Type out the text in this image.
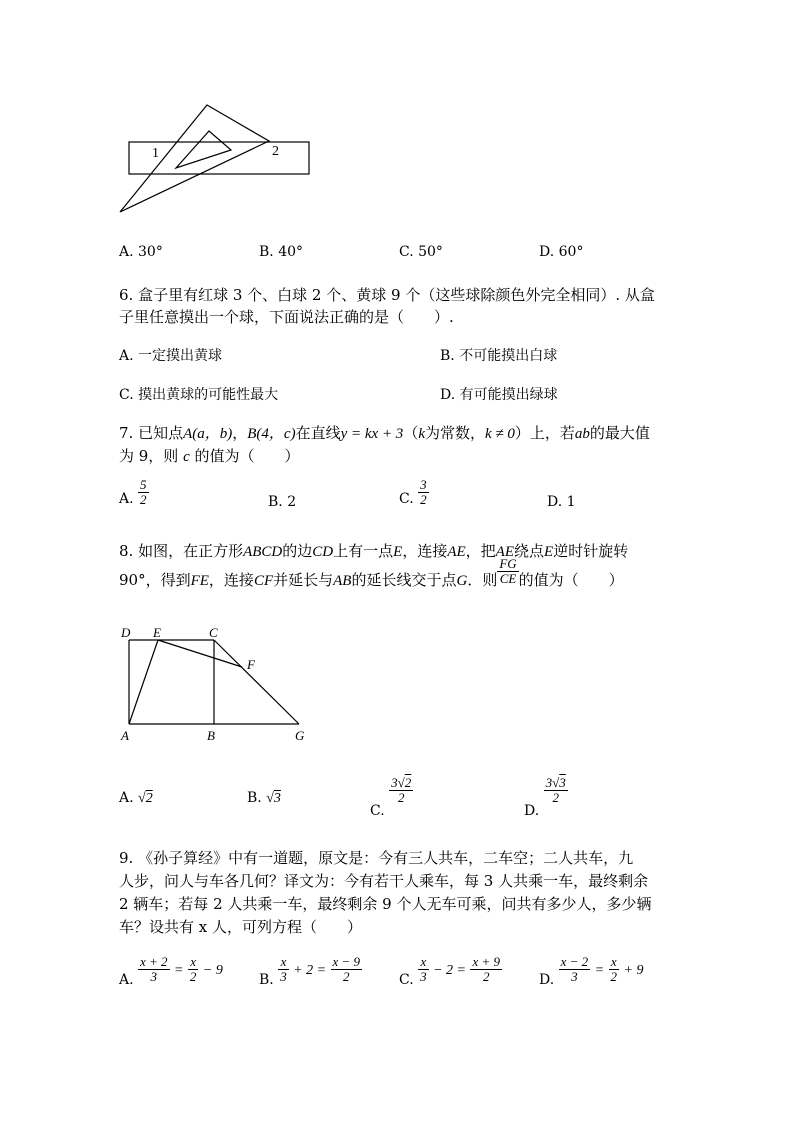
1	2
A. 30°	B. 40°	C. 50°	D. 60°
6. 盒子里有红球 3 个、白球 2 个、黄球 9 个（这些球除颜色外完全相同）. 从盒
子里任意摸出一个球，下面说法正确的是（　　）.
A. 一定摸出黄球	B. 不可能摸出白球
C. 摸出黄球的可能性最大	D. 有可能摸出绿球
7. 已知点A(a，b)，B(4，c)在直线y = kx + 3（k为常数，k ≠ 0）上，若ab的最大值
为 9，则 c 的值为（　　）
A. $\frac{5}{2}$	B. 2	C. $\frac{3}{2}$	D. 1
8. 如图，在正方形ABCD的边CD上有一点E，连接AE，把AE绕点E逆时针旋转
90°，得到FE，连接CF并延长与AB的延长线交于点G．则 $\frac{FG}{CE}$ 的值为（　　）
D E	C
F
A	B	G
A. √2	B. √3
C.
$\frac{3√2}{2}$
D.
$\frac{3√3}{2}$
9. 《孙子算经》中有一道题，原文是：今有三人共车，二车空；二人共车，九
人步，问人与车各几何？译文为：今有若干人乘车，每 3 人共乘一车，最终剩余
2 辆车；若每 2 人共乘一车，最终剩余 9 个人无车可乘，问共有多少人，多少辆
车？设共有 x 人，可列方程（　　）
A. $\frac{x + 2}{3} = \frac{x}{2} - 9$
B. $\frac{x}{3} + 2 = \frac{x - 9}{2}$	C. $\frac{x}{3} - 2 = \frac{x + 9}{2}$	D. $\frac{x - 2}{3} = \frac{x}{2} + 9$
